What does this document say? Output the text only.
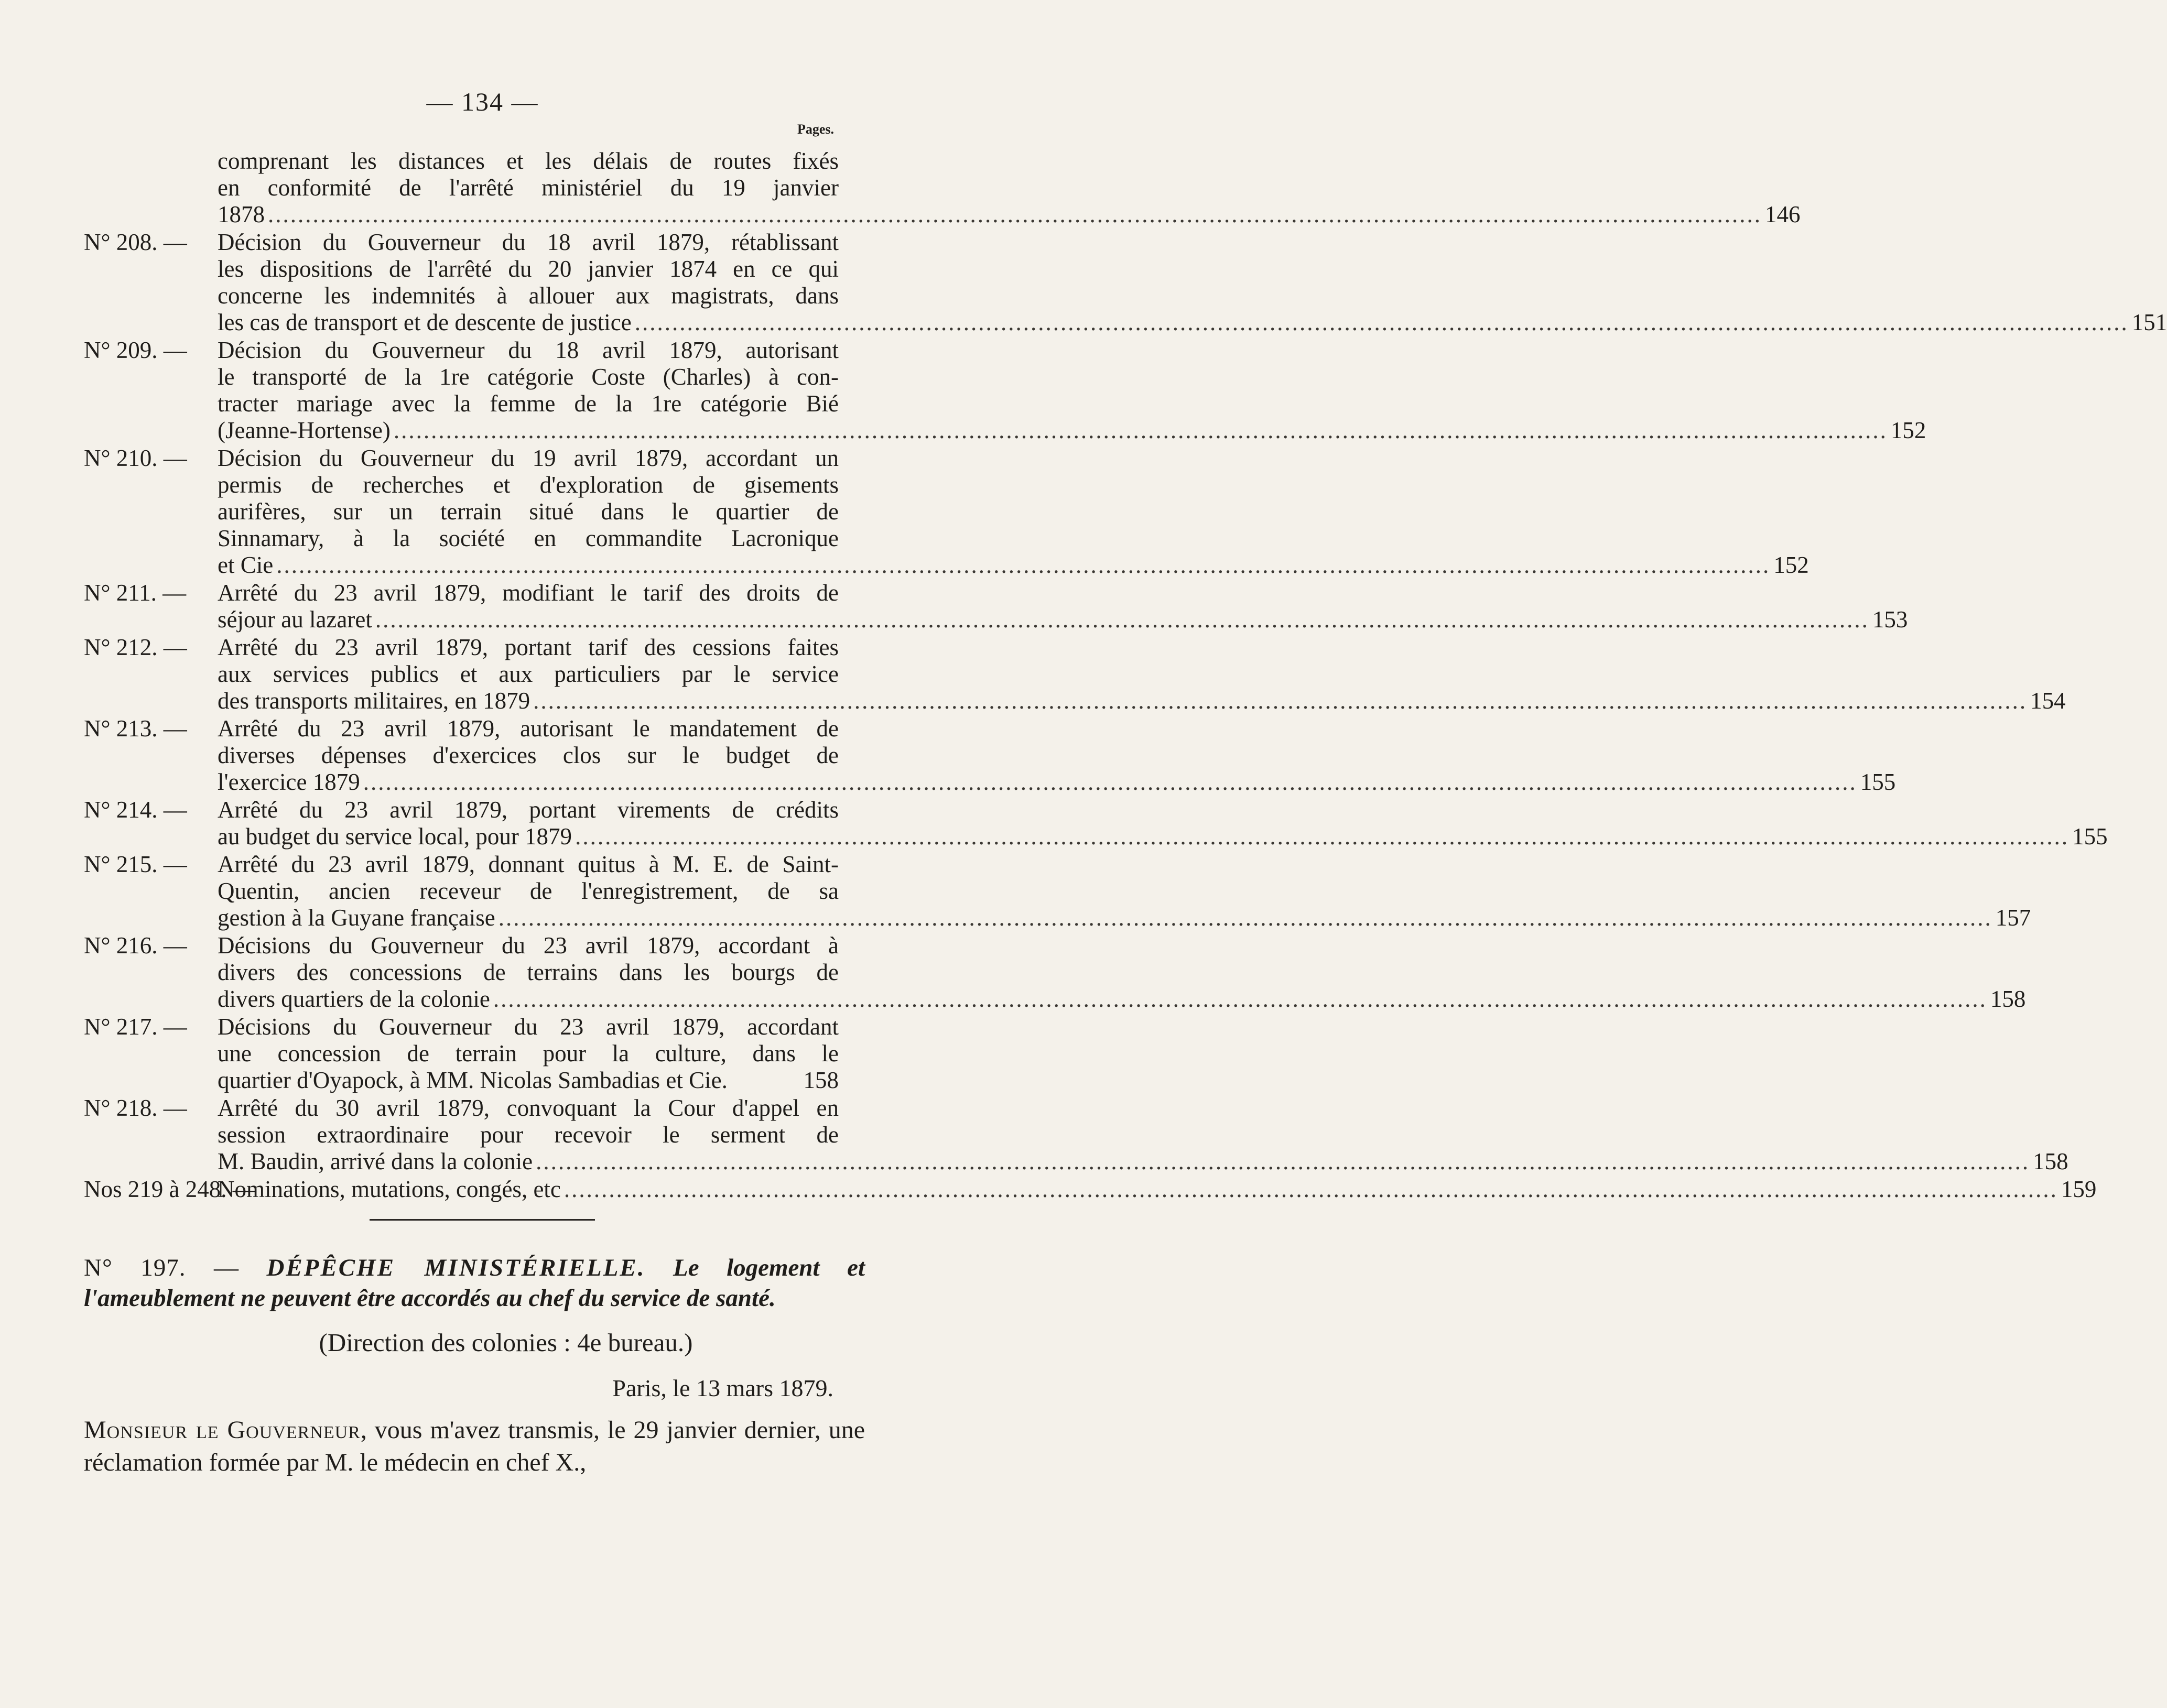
— 134 —
Pages.
comprenant les distances et les délais de routes fixés
en conformité de l'arrêté ministériel du 19 janvier
1878 ........................................................................................................................................................................................................ 146
N° 208. — Décision du Gouverneur du 18 avril 1879, rétablissant
les dispositions de l'arrêté du 20 janvier 1874 en ce qui
concerne les indemnités à allouer aux magistrats, dans
les cas de transport et de descente de justice ........................................................................................................................................................................................................ 151
N° 209. — Décision du Gouverneur du 18 avril 1879, autorisant
le transporté de la 1re catégorie Coste (Charles) à con-
tracter mariage avec la femme de la 1re catégorie Bié
(Jeanne-Hortense) ........................................................................................................................................................................................................ 152
N° 210. — Décision du Gouverneur du 19 avril 1879, accordant un
permis de recherches et d'exploration de gisements
aurifères, sur un terrain situé dans le quartier de
Sinnamary, à la société en commandite Lacronique
et Cie ........................................................................................................................................................................................................ 152
N° 211. — Arrêté du 23 avril 1879, modifiant le tarif des droits de
séjour au lazaret ........................................................................................................................................................................................................ 153
N° 212. — Arrêté du 23 avril 1879, portant tarif des cessions faites
aux services publics et aux particuliers par le service
des transports militaires, en 1879 ........................................................................................................................................................................................................ 154
N° 213. — Arrêté du 23 avril 1879, autorisant le mandatement de
diverses dépenses d'exercices clos sur le budget de
l'exercice 1879 ........................................................................................................................................................................................................ 155
N° 214. — Arrêté du 23 avril 1879, portant virements de crédits
au budget du service local, pour 1879 ........................................................................................................................................................................................................ 155
N° 215. — Arrêté du 23 avril 1879, donnant quitus à M. E. de Saint-
Quentin, ancien receveur de l'enregistrement, de sa
gestion à la Guyane française ........................................................................................................................................................................................................ 157
N° 216. — Décisions du Gouverneur du 23 avril 1879, accordant à
divers des concessions de terrains dans les bourgs de
divers quartiers de la colonie ........................................................................................................................................................................................................ 158
N° 217. — Décisions du Gouverneur du 23 avril 1879, accordant
une concession de terrain pour la culture, dans le
quartier d'Oyapock, à MM. Nicolas Sambadias et Cie.	158
N° 218. — Arrêté du 30 avril 1879, convoquant la Cour d'appel en
session extraordinaire pour recevoir le serment de
M. Baudin, arrivé dans la colonie ........................................................................................................................................................................................................ 158
Nos 219 à 248. —
Nominations, mutations, congés, etc ........................................................................................................................................................................................................ 159

N° 197. — DÉPÊCHE MINISTÉRIELLE. Le logement et l'ameublement ne peuvent être accordés au chef du service de santé.

(Direction des colonies : 4e bureau.)

Paris, le 13 mars 1879.

Monsieur le Gouverneur, vous m'avez transmis, le 29 janvier dernier, une réclamation formée par M. le médecin en chef X.,
